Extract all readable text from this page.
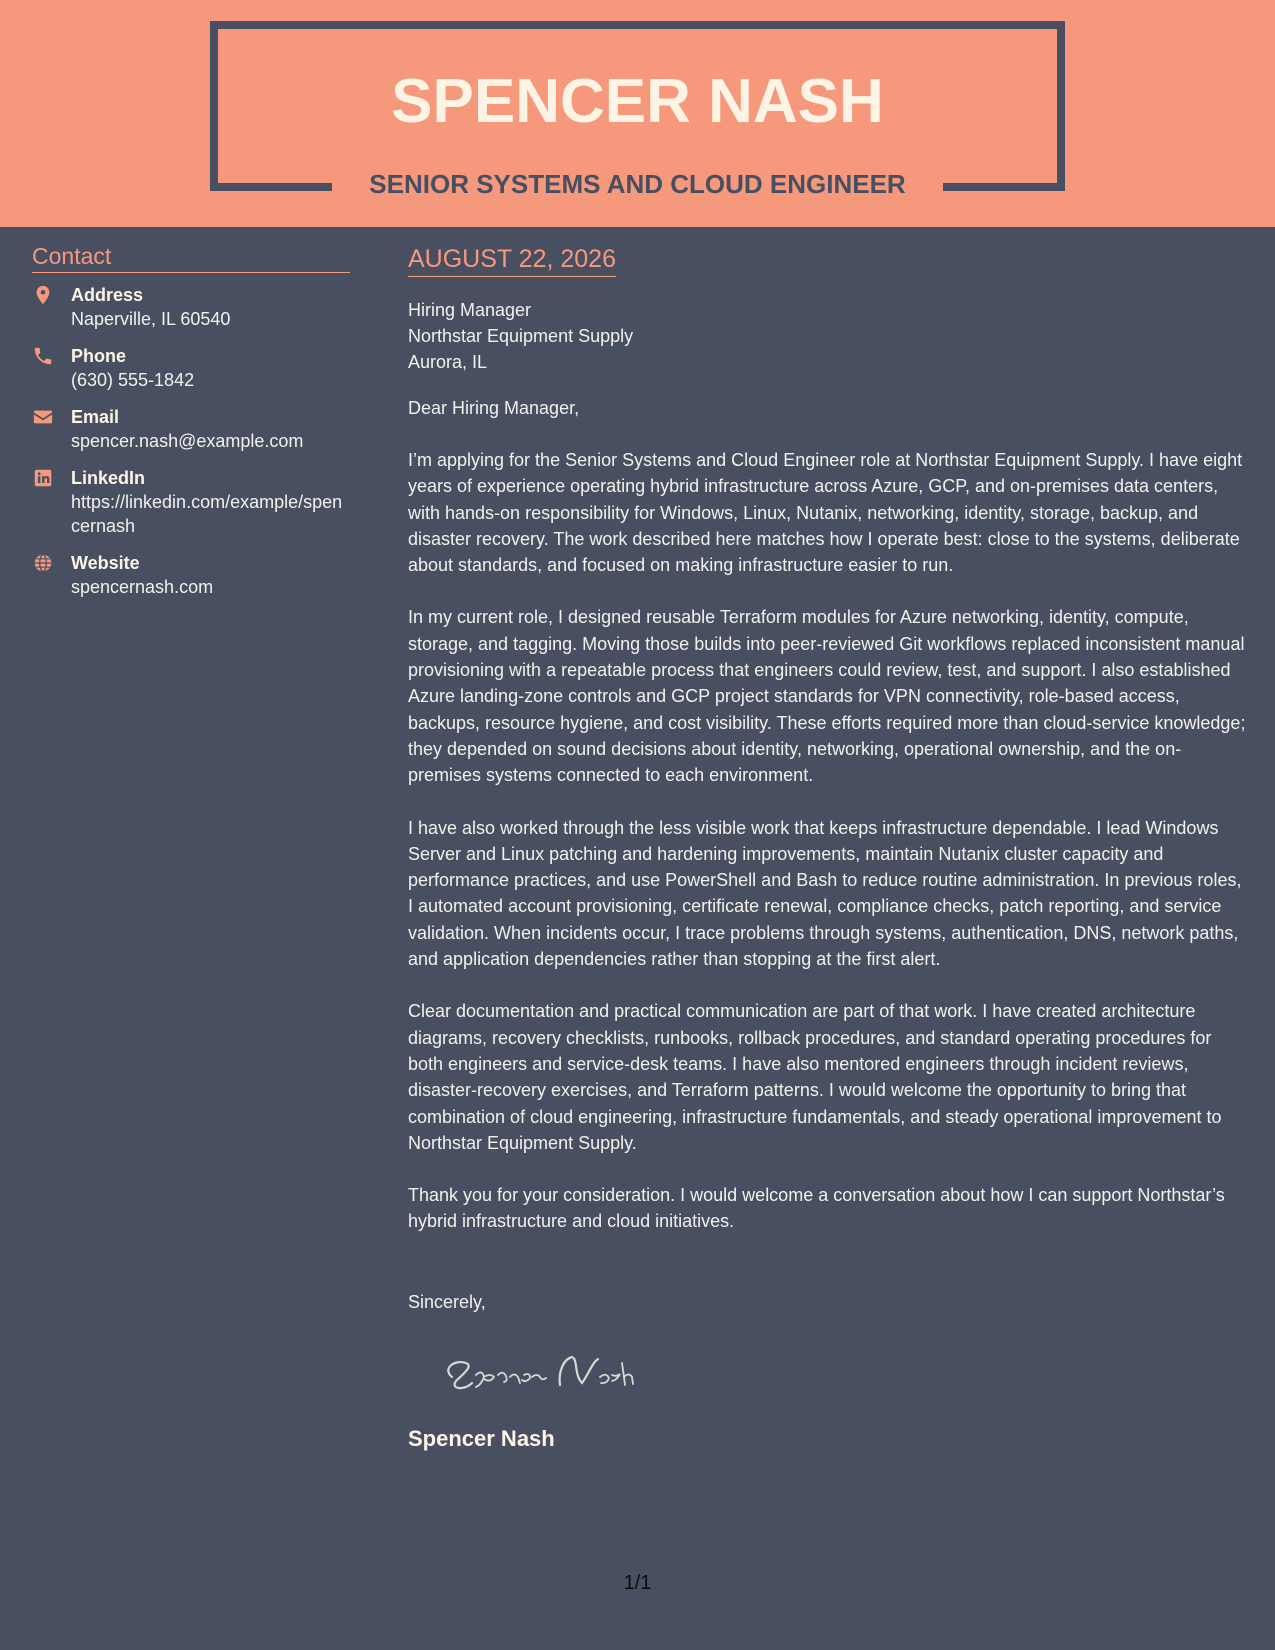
SPENCER NASH
SENIOR SYSTEMS AND CLOUD ENGINEER
Contact
Address
Naperville, IL 60540
Phone
(630) 555-1842
Email
spencer.nash@example.com
LinkedIn
https://linkedin.com/example/spencernash
Website
spencernash.com
AUGUST 22, 2026
Hiring Manager
Northstar Equipment Supply
Aurora, IL
Dear Hiring Manager,
I’m applying for the Senior Systems and Cloud Engineer role at Northstar Equipment Supply. I have eight years of experience operating hybrid infrastructure across Azure, GCP, and on-premises data centers, with hands-on responsibility for Windows, Linux, Nutanix, networking, identity, storage, backup, and disaster recovery. The work described here matches how I operate best: close to the systems, deliberate about standards, and focused on making infrastructure easier to run.
In my current role, I designed reusable Terraform modules for Azure networking, identity, compute, storage, and tagging. Moving those builds into peer-reviewed Git workflows replaced inconsistent manual provisioning with a repeatable process that engineers could review, test, and support. I also established Azure landing-zone controls and GCP project standards for VPN connectivity, role-based access, backups, resource hygiene, and cost visibility. These efforts required more than cloud-service knowledge; they depended on sound decisions about identity, networking, operational ownership, and the on-premises systems connected to each environment.
I have also worked through the less visible work that keeps infrastructure dependable. I lead Windows Server and Linux patching and hardening improvements, maintain Nutanix cluster capacity and performance practices, and use PowerShell and Bash to reduce routine administration. In previous roles, I automated account provisioning, certificate renewal, compliance checks, patch reporting, and service validation. When incidents occur, I trace problems through systems, authentication, DNS, network paths, and application dependencies rather than stopping at the first alert.
Clear documentation and practical communication are part of that work. I have created architecture diagrams, recovery checklists, runbooks, rollback procedures, and standard operating procedures for both engineers and service-desk teams. I have also mentored engineers through incident reviews, disaster-recovery exercises, and Terraform patterns. I would welcome the opportunity to bring that combination of cloud engineering, infrastructure fundamentals, and steady operational improvement to Northstar Equipment Supply.
Thank you for your consideration. I would welcome a conversation about how I can support Northstar’s hybrid infrastructure and cloud initiatives.
Sincerely,
Spencer Nash
1/1
